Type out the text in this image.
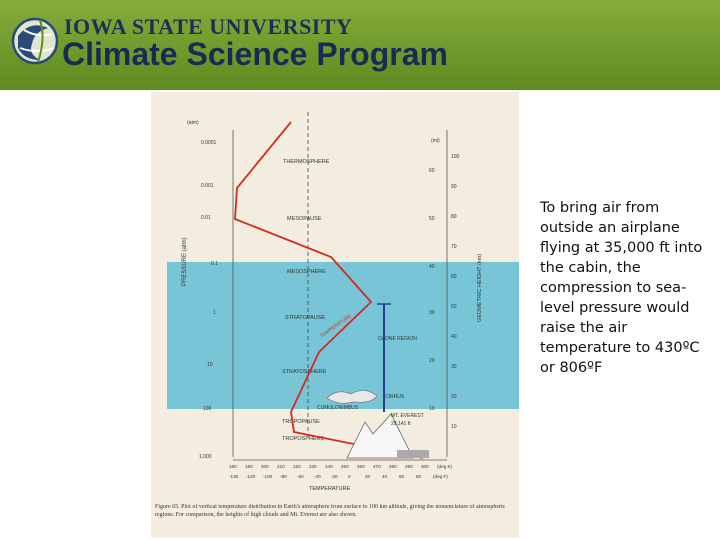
IOWA STATE UNIVERSITY
Climate Science Program
PRESSURE (atm)
(atm)
0.0001
0.001
0.01
0.1
1
10
100
1,000
(mi)
GEOMETRIC HEIGHT (km)
100
90
80
70
60
50
40
30
20
10
60
50
40
30
20
10
THERMOSPHERE
MESOPAUSE
MESOSPHERE
STRATOPAUSE
STRATOSPHERE
TROPOPAUSE
TROPOSPHERE
TEMPERATURE	OZONE REGION
CUMULONIMBUS
CIRRUS
MT. EVEREST
29,141 ft
180 190 200 210 220 230 240 250 260 270 280 290 300 (deg K)
-130 -120 -100 -80 -60 -40 -20 0	20	40	60	80	(deg F)
TEMPERATURE
Figure 65. Plot of vertical temperature distribution in Earth's atmosphere from surface to 100 km altitude, giving the nomenclature of atmospheric regions. For comparison, the heights of high clouds and Mt. Everest are also shown.
To bring air from outside an airplane flying at 35,000 ft into the cabin, the compression to sea-level pressure would raise the air temperature to 430ºC or 806ºF
